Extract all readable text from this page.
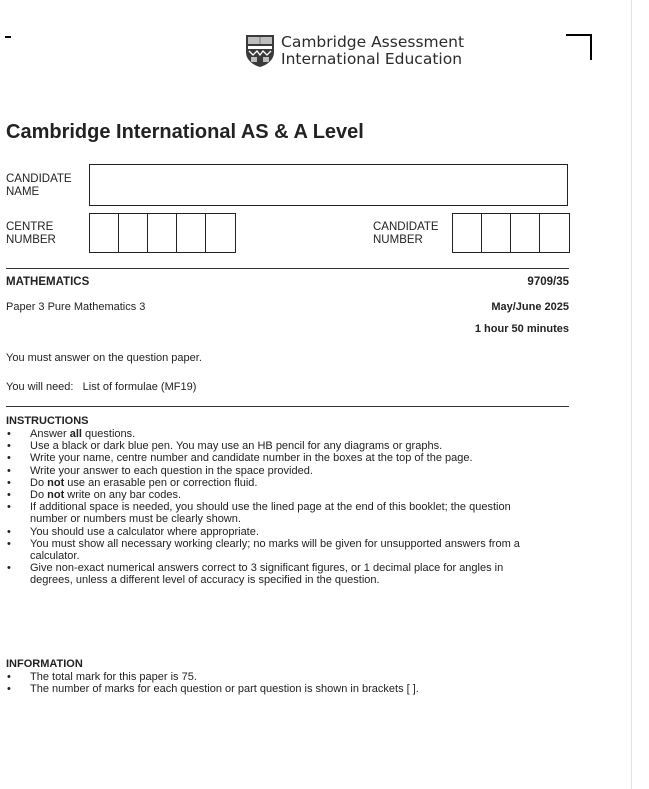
Cambridge Assessment
International Education
Cambridge International AS & A Level
CANDIDATE
NAME
CENTRE
NUMBER
CANDIDATE
NUMBER
MATHEMATICS	9709/35
Paper 3 Pure Mathematics 3	May/June 2025
1 hour 50 minutes
You must answer on the question paper.
You will need: List of formulae (MF19)
INSTRUCTIONS
• Answer all questions.
• Use a black or dark blue pen. You may use an HB pencil for any diagrams or graphs.
• Write your name, centre number and candidate number in the boxes at the top of the page.
• Write your answer to each question in the space provided.
• Do not use an erasable pen or correction fluid.
• Do not write on any bar codes.
• If additional space is needed, you should use the lined page at the end of this booklet; the question
number or numbers must be clearly shown.
• You should use a calculator where appropriate.
• You must show all necessary working clearly; no marks will be given for unsupported answers from a
calculator.
• Give non-exact numerical answers correct to 3 significant figures, or 1 decimal place for angles in
degrees, unless a different level of accuracy is specified in the question.
INFORMATION
• The total mark for this paper is 75.
• The number of marks for each question or part question is shown in brackets [ ].
